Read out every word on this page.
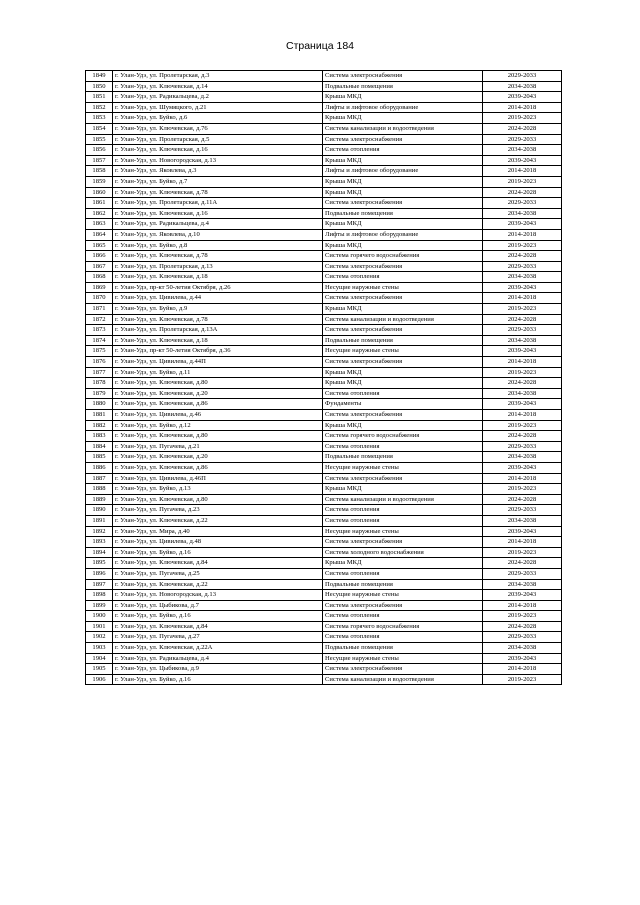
Страница 184
1849	г. Улан-Удэ, ул. Пролетарская, д.3	Система электроснабжения	2029-2033
1850	г. Улан-Удэ, ул. Ключевская, д.14	Подвальные помещения	2034-2038
1851	г. Улан-Удэ, ул. Радикальцева, д.2	Крыша МКД	2039-2043
1852	г. Улан-Удэ, ул. Шумяцкого, д.21	Лифты и лифтовое оборудование	2014-2018
1853	г. Улан-Удэ, ул. Буйко, д.6	Крыша МКД	2019-2023
1854	г. Улан-Удэ, ул. Ключевская, д.76	Система канализации и водоотведения	2024-2028
1855	г. Улан-Удэ, ул. Пролетарская, д.5	Система электроснабжения	2029-2033
1856	г. Улан-Удэ, ул. Ключевская, д.16	Система отопления	2034-2038
1857	г. Улан-Удэ, ул. Новогородская, д.13	Крыша МКД	2039-2043
1858	г. Улан-Удэ, ул. Яковлева, д.3	Лифты и лифтовое оборудование	2014-2018
1859	г. Улан-Удэ, ул. Буйко, д.7	Крыша МКД	2019-2023
1860	г. Улан-Удэ, ул. Ключевская, д.78	Крыша МКД	2024-2028
1861	г. Улан-Удэ, ул. Пролетарская, д.11А	Система электроснабжения	2029-2033
1862	г. Улан-Удэ, ул. Ключевская, д.16	Подвальные помещения	2034-2038
1863	г. Улан-Удэ, ул. Радикальцева, д.4	Крыша МКД	2039-2043
1864	г. Улан-Удэ, ул. Яковлева, д.10	Лифты и лифтовое оборудование	2014-2018
1865	г. Улан-Удэ, ул. Буйко, д.8	Крыша МКД	2019-2023
1866	г. Улан-Удэ, ул. Ключевская, д.78	Система горячего водоснабжения	2024-2028
1867	г. Улан-Удэ, ул. Пролетарская, д.13	Система электроснабжения	2029-2033
1868	г. Улан-Удэ, ул. Ключевская, д.18	Система отопления	2034-2038
1869	г. Улан-Удэ, пр-кт 50-летия Октября, д.26	Несущие наружные стены	2039-2043
1870	г. Улан-Удэ, ул. Цивилева, д.44	Система электроснабжения	2014-2018
1871	г. Улан-Удэ, ул. Буйко, д.9	Крыша МКД	2019-2023
1872	г. Улан-Удэ, ул. Ключевская, д.78	Система канализации и водоотведения	2024-2028
1873	г. Улан-Удэ, ул. Пролетарская, д.13А	Система электроснабжения	2029-2033
1874	г. Улан-Удэ, ул. Ключевская, д.18	Подвальные помещения	2034-2038
1875	г. Улан-Удэ, пр-кт 50-летия Октября, д.36	Несущие наружные стены	2039-2043
1876	г. Улан-Удэ, ул. Цивилева, д.44П	Система электроснабжения	2014-2018
1877	г. Улан-Удэ, ул. Буйко, д.11	Крыша МКД	2019-2023
1878	г. Улан-Удэ, ул. Ключевская, д.80	Крыша МКД	2024-2028
1879	г. Улан-Удэ, ул. Ключевская, д.20	Система отопления	2034-2038
1880	г. Улан-Удэ, ул. Ключевская, д.86	Фундаменты	2039-2043
1881	г. Улан-Удэ, ул. Цивилева, д.46	Система электроснабжения	2014-2018
1882	г. Улан-Удэ, ул. Буйко, д.12	Крыша МКД	2019-2023
1883	г. Улан-Удэ, ул. Ключевская, д.80	Система горячего водоснабжения	2024-2028
1884	г. Улан-Удэ, ул. Пугачева, д.21	Система отопления	2029-2033
1885	г. Улан-Удэ, ул. Ключевская, д.20	Подвальные помещения	2034-2038
1886	г. Улан-Удэ, ул. Ключевская, д.86	Несущие наружные стены	2039-2043
1887	г. Улан-Удэ, ул. Цивилева, д.46П	Система электроснабжения	2014-2018
1888	г. Улан-Удэ, ул. Буйко, д.13	Крыша МКД	2019-2023
1889	г. Улан-Удэ, ул. Ключевская, д.80	Система канализации и водоотведения	2024-2028
1890	г. Улан-Удэ, ул. Пугачева, д.23	Система отопления	2029-2033
1891	г. Улан-Удэ, ул. Ключевская, д.22	Система отопления	2034-2038
1892	г. Улан-Удэ, ул. Мира, д.40	Несущие наружные стены	2039-2043
1893	г. Улан-Удэ, ул. Цивилева, д.48	Система электроснабжения	2014-2018
1894	г. Улан-Удэ, ул. Буйко, д.16	Система холодного водоснабжения	2019-2023
1895	г. Улан-Удэ, ул. Ключевская, д.84	Крыша МКД	2024-2028
1896	г. Улан-Удэ, ул. Пугачева, д.25	Система отопления	2029-2033
1897	г. Улан-Удэ, ул. Ключевская, д.22	Подвальные помещения	2034-2038
1898	г. Улан-Удэ, ул. Новогородская, д.13	Несущие наружные стены	2039-2043
1899	г. Улан-Удэ, ул. Цыбикова, д.7	Система электроснабжения	2014-2018
1900	г. Улан-Удэ, ул. Буйко, д.16	Система отопления	2019-2023
1901	г. Улан-Удэ, ул. Ключевская, д.84	Система горячего водоснабжения	2024-2028
1902	г. Улан-Удэ, ул. Пугачева, д.27	Система отопления	2029-2033
1903	г. Улан-Удэ, ул. Ключевская, д.22А	Подвальные помещения	2034-2038
1904	г. Улан-Удэ, ул. Радикальцева, д.4	Несущие наружные стены	2039-2043
1905	г. Улан-Удэ, ул. Цыбикова, д.9	Система электроснабжения	2014-2018
1906	г. Улан-Удэ, ул. Буйко, д.16	Система канализации и водоотведения	2019-2023
